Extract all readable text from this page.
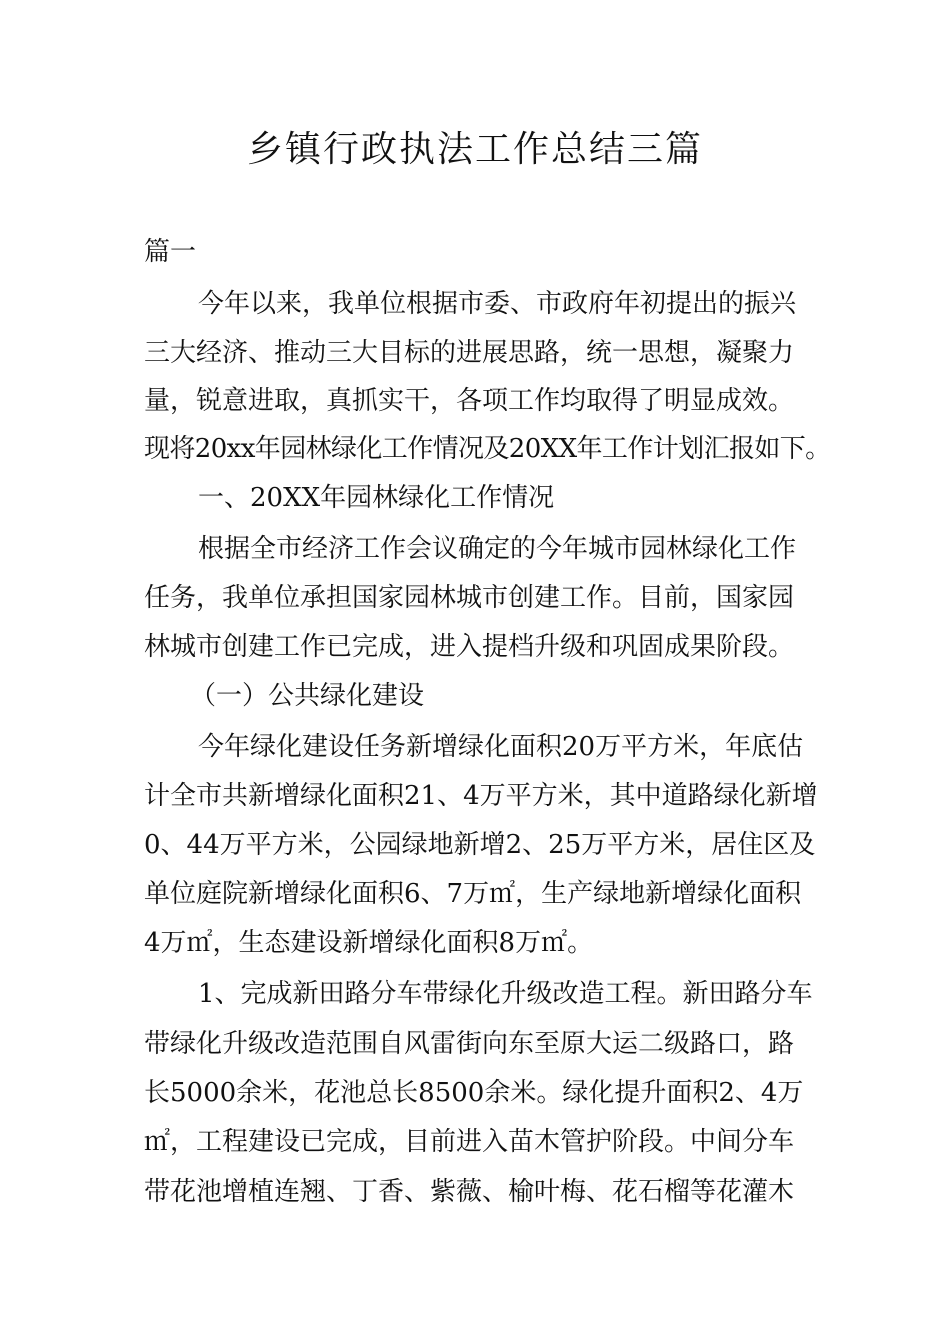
乡镇行政执法工作总结三篇
篇一
今年以来，我单位根据市委、市政府年初提出的振兴
三大经济、推动三大目标的进展思路，统一思想，凝聚力
量，锐意进取，真抓实干，各项工作均取得了明显成效。
现将20xx年园林绿化工作情况及20XX年工作计划汇报如下。
一、20XX年园林绿化工作情况
根据全市经济工作会议确定的今年城市园林绿化工作
任务，我单位承担国家园林城市创建工作。目前，国家园
林城市创建工作已完成，进入提档升级和巩固成果阶段。
（一）公共绿化建设
今年绿化建设任务新增绿化面积20万平方米，年底估
计全市共新增绿化面积21、4万平方米，其中道路绿化新增
0、44万平方米，公园绿地新增2、25万平方米，居住区及
单位庭院新增绿化面积6、7万㎡，生产绿地新增绿化面积
4万㎡，生态建设新增绿化面积8万㎡。
1、完成新田路分车带绿化升级改造工程。新田路分车
带绿化升级改造范围自风雷街向东至原大运二级路口，路
长5000余米，花池总长8500余米。绿化提升面积2、4万
㎡，工程建设已完成，目前进入苗木管护阶段。中间分车
带花池增植连翘、丁香、紫薇、榆叶梅、花石榴等花灌木
